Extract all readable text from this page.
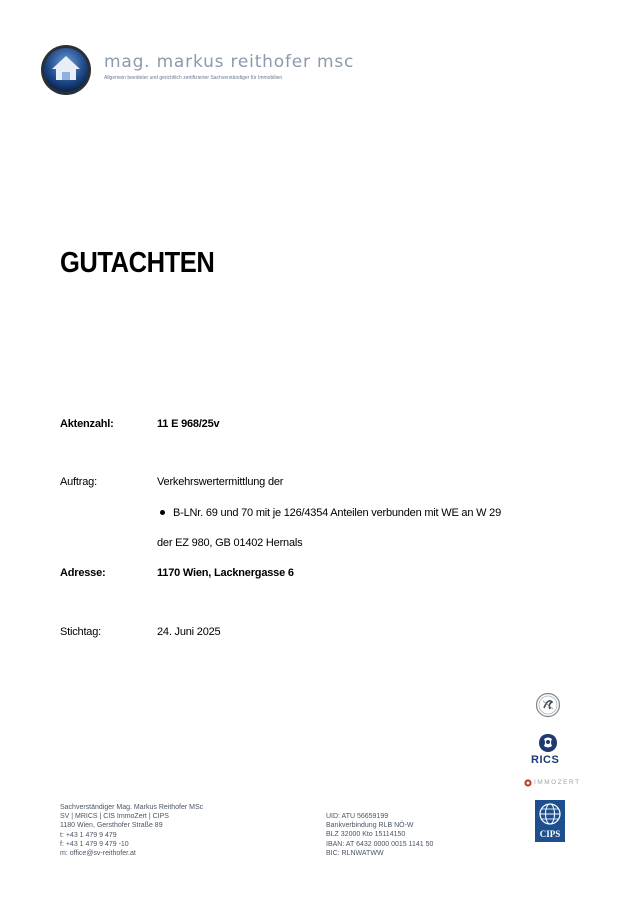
mag. markus reithofer msc
Allgemein beeideter und gerichtlich zertifizierter Sachverständiger für Immobilien
GUTACHTEN
Aktenzahl:	11 E 968/25v
Auftrag:	Verkehrswertermittlung der
B-LNr. 69 und 70 mit je 126/4354 Anteilen verbunden mit WE an W 29
der EZ 980, GB 01402 Hernals
Adresse:	1170 Wien, Lacknergasse 6
Stichtag:	24. Juni 2025
RICS
IMMOZERT
CIPS
Sachverständiger Mag. Markus Reithofer MSc
SV | MRICS | CIS ImmoZert | CIPS
1180 Wien, Gersthofer Straße 89
t: +43 1 479 9 479
f: +43 1 479 9 479 -10
m: office@sv-reithofer.at
UID: ATU 56659199
Bankverbindung RLB NÖ-W
BLZ 32000 Kto 15114150
IBAN: AT 6432 0000 0015 1141 50
BIC: RLNWATWW
